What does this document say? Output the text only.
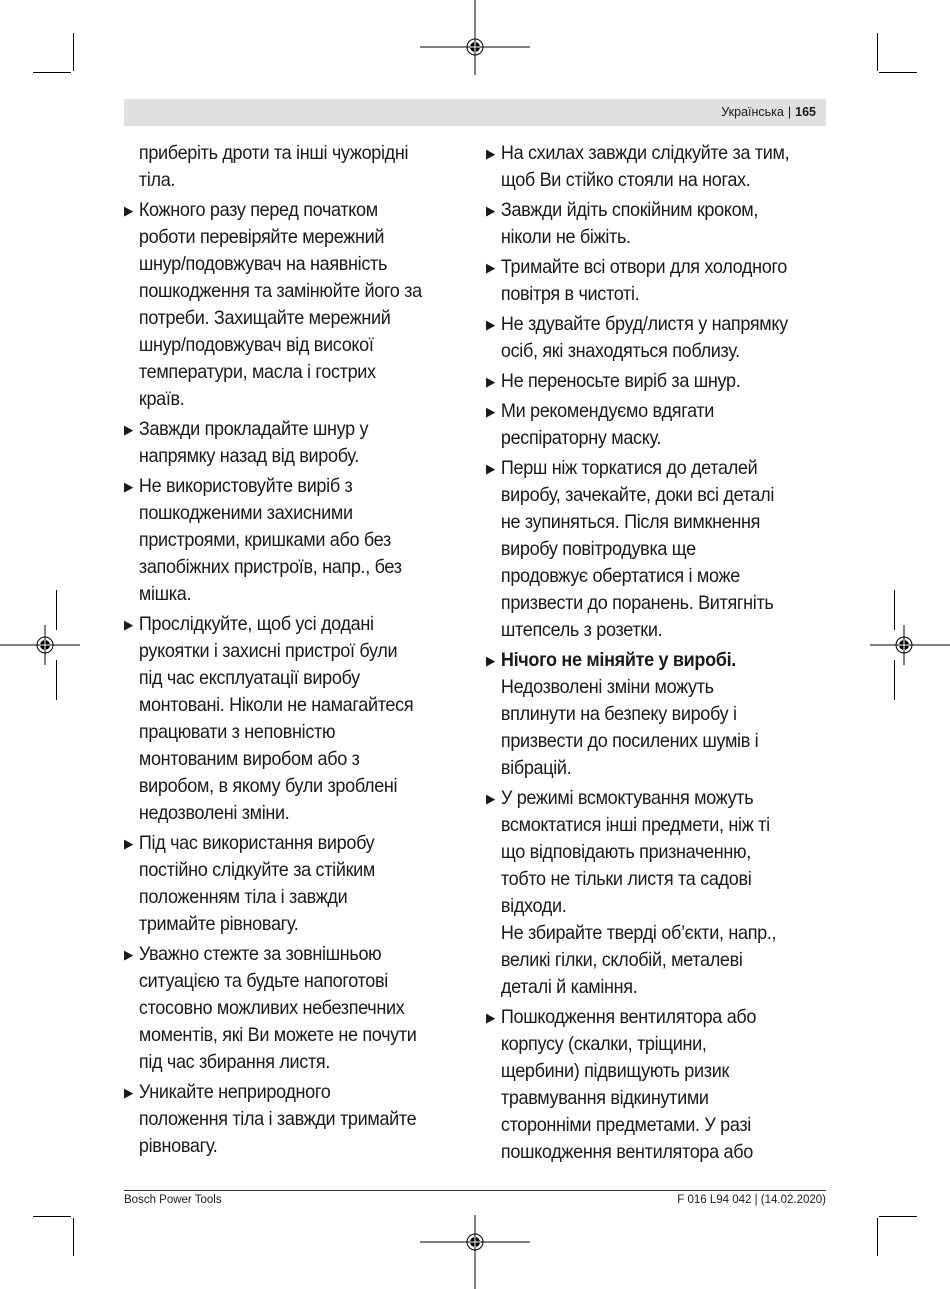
Українська | 165
приберіть дроти та інші чужорідні
тіла.
▶ Кожного разу перед початком
роботи перевіряйте мережний
шнур/подовжувач на наявність
пошкодження та замінюйте його за
потреби. Захищайте мережний
шнур/подовжувач від високої
температури, масла і гострих
країв.
▶ Завжди прокладайте шнур у
напрямку назад від виробу.
▶ Не використовуйте виріб з
пошкодженими захисними
пристроями, кришками або без
запобіжних пристроїв, напр., без
мішка.
▶ Прослідкуйте, щоб усі додані
рукоятки і захисні пристрої були
під час експлуатації виробу
монтовані. Ніколи не намагайтеся
працювати з неповністю
монтованим виробом або з
виробом, в якому були зроблені
недозволені зміни.
▶ Під час використання виробу
постійно слідкуйте за стійким
положенням тіла і завжди
тримайте рівновагу.
▶ Уважно стежте за зовнішньою
ситуацією та будьте напоготові
стосовно можливих небезпечних
моментів, які Ви можете не почути
під час збирання листя.
▶ Уникайте неприродного
положення тіла і завжди тримайте
рівновагу.
▶ На схилах завжди слідкуйте за тим,
щоб Ви стійко стояли на ногах.
▶ Завжди йдіть спокійним кроком,
ніколи не біжіть.
▶ Тримайте всі отвори для холодного
повітря в чистоті.
▶ Не здувайте бруд/листя у напрямку
осіб, які знаходяться поблизу.
▶ Не переносьте виріб за шнур.
▶ Ми рекомендуємо вдягати
респіраторну маску.
▶ Перш ніж торкатися до деталей
виробу, зачекайте, доки всі деталі
не зупиняться. Після вимкнення
виробу повітродувка ще
продовжує обертатися і може
призвести до поранень. Витягніть
штепсель з розетки.
▶ Нічого не міняйте у виробі.
Недозволені зміни можуть
вплинути на безпеку виробу і
призвести до посилених шумів і
вібрацій.
▶ У режимі всмоктування можуть
всмоктатися інші предмети, ніж ті
що відповідають призначенню,
тобто не тільки листя та садові
відходи.
Не збирайте тверді об’єкти, напр.,
великі гілки, склобій, металеві
деталі й каміння.
▶ Пошкодження вентилятора або
корпусу (скалки, тріщини,
щербини) підвищують ризик
травмування відкинутими
сторонніми предметами. У разі
пошкодження вентилятора або
Bosch Power Tools	F 016 L94 042 | (14.02.2020)
